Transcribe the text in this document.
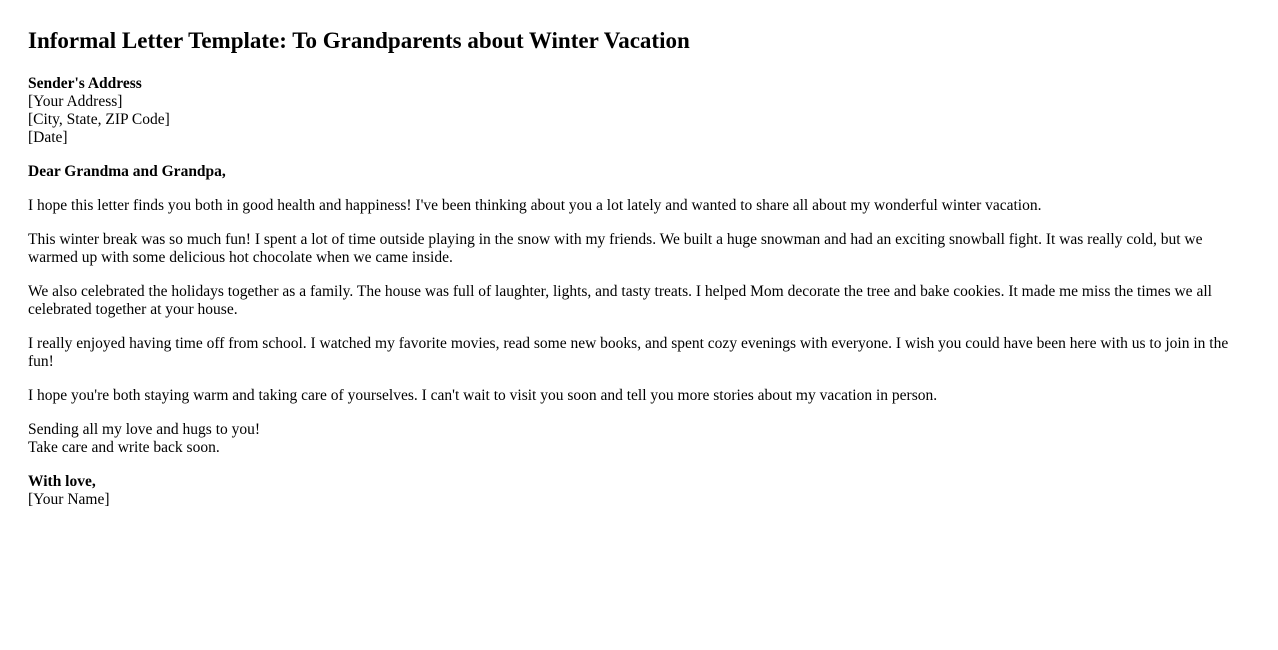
Informal Letter Template: To Grandparents about Winter Vacation
Sender's Address
[Your Address]
[City, State, ZIP Code]
[Date]

Dear Grandma and Grandpa,

I hope this letter finds you both in good health and happiness! I've been thinking about you a lot lately and wanted to share all about my wonderful winter vacation.

This winter break was so much fun! I spent a lot of time outside playing in the snow with my friends. We built a huge snowman and had an exciting snowball fight. It was really cold, but we warmed up with some delicious hot chocolate when we came inside.

We also celebrated the holidays together as a family. The house was full of laughter, lights, and tasty treats. I helped Mom decorate the tree and bake cookies. It made me miss the times we all celebrated together at your house.

I really enjoyed having time off from school. I watched my favorite movies, read some new books, and spent cozy evenings with everyone. I wish you could have been here with us to join in the fun!

I hope you're both staying warm and taking care of yourselves. I can't wait to visit you soon and tell you more stories about my vacation in person.

Sending all my love and hugs to you!
Take care and write back soon.
With love,
[Your Name]
